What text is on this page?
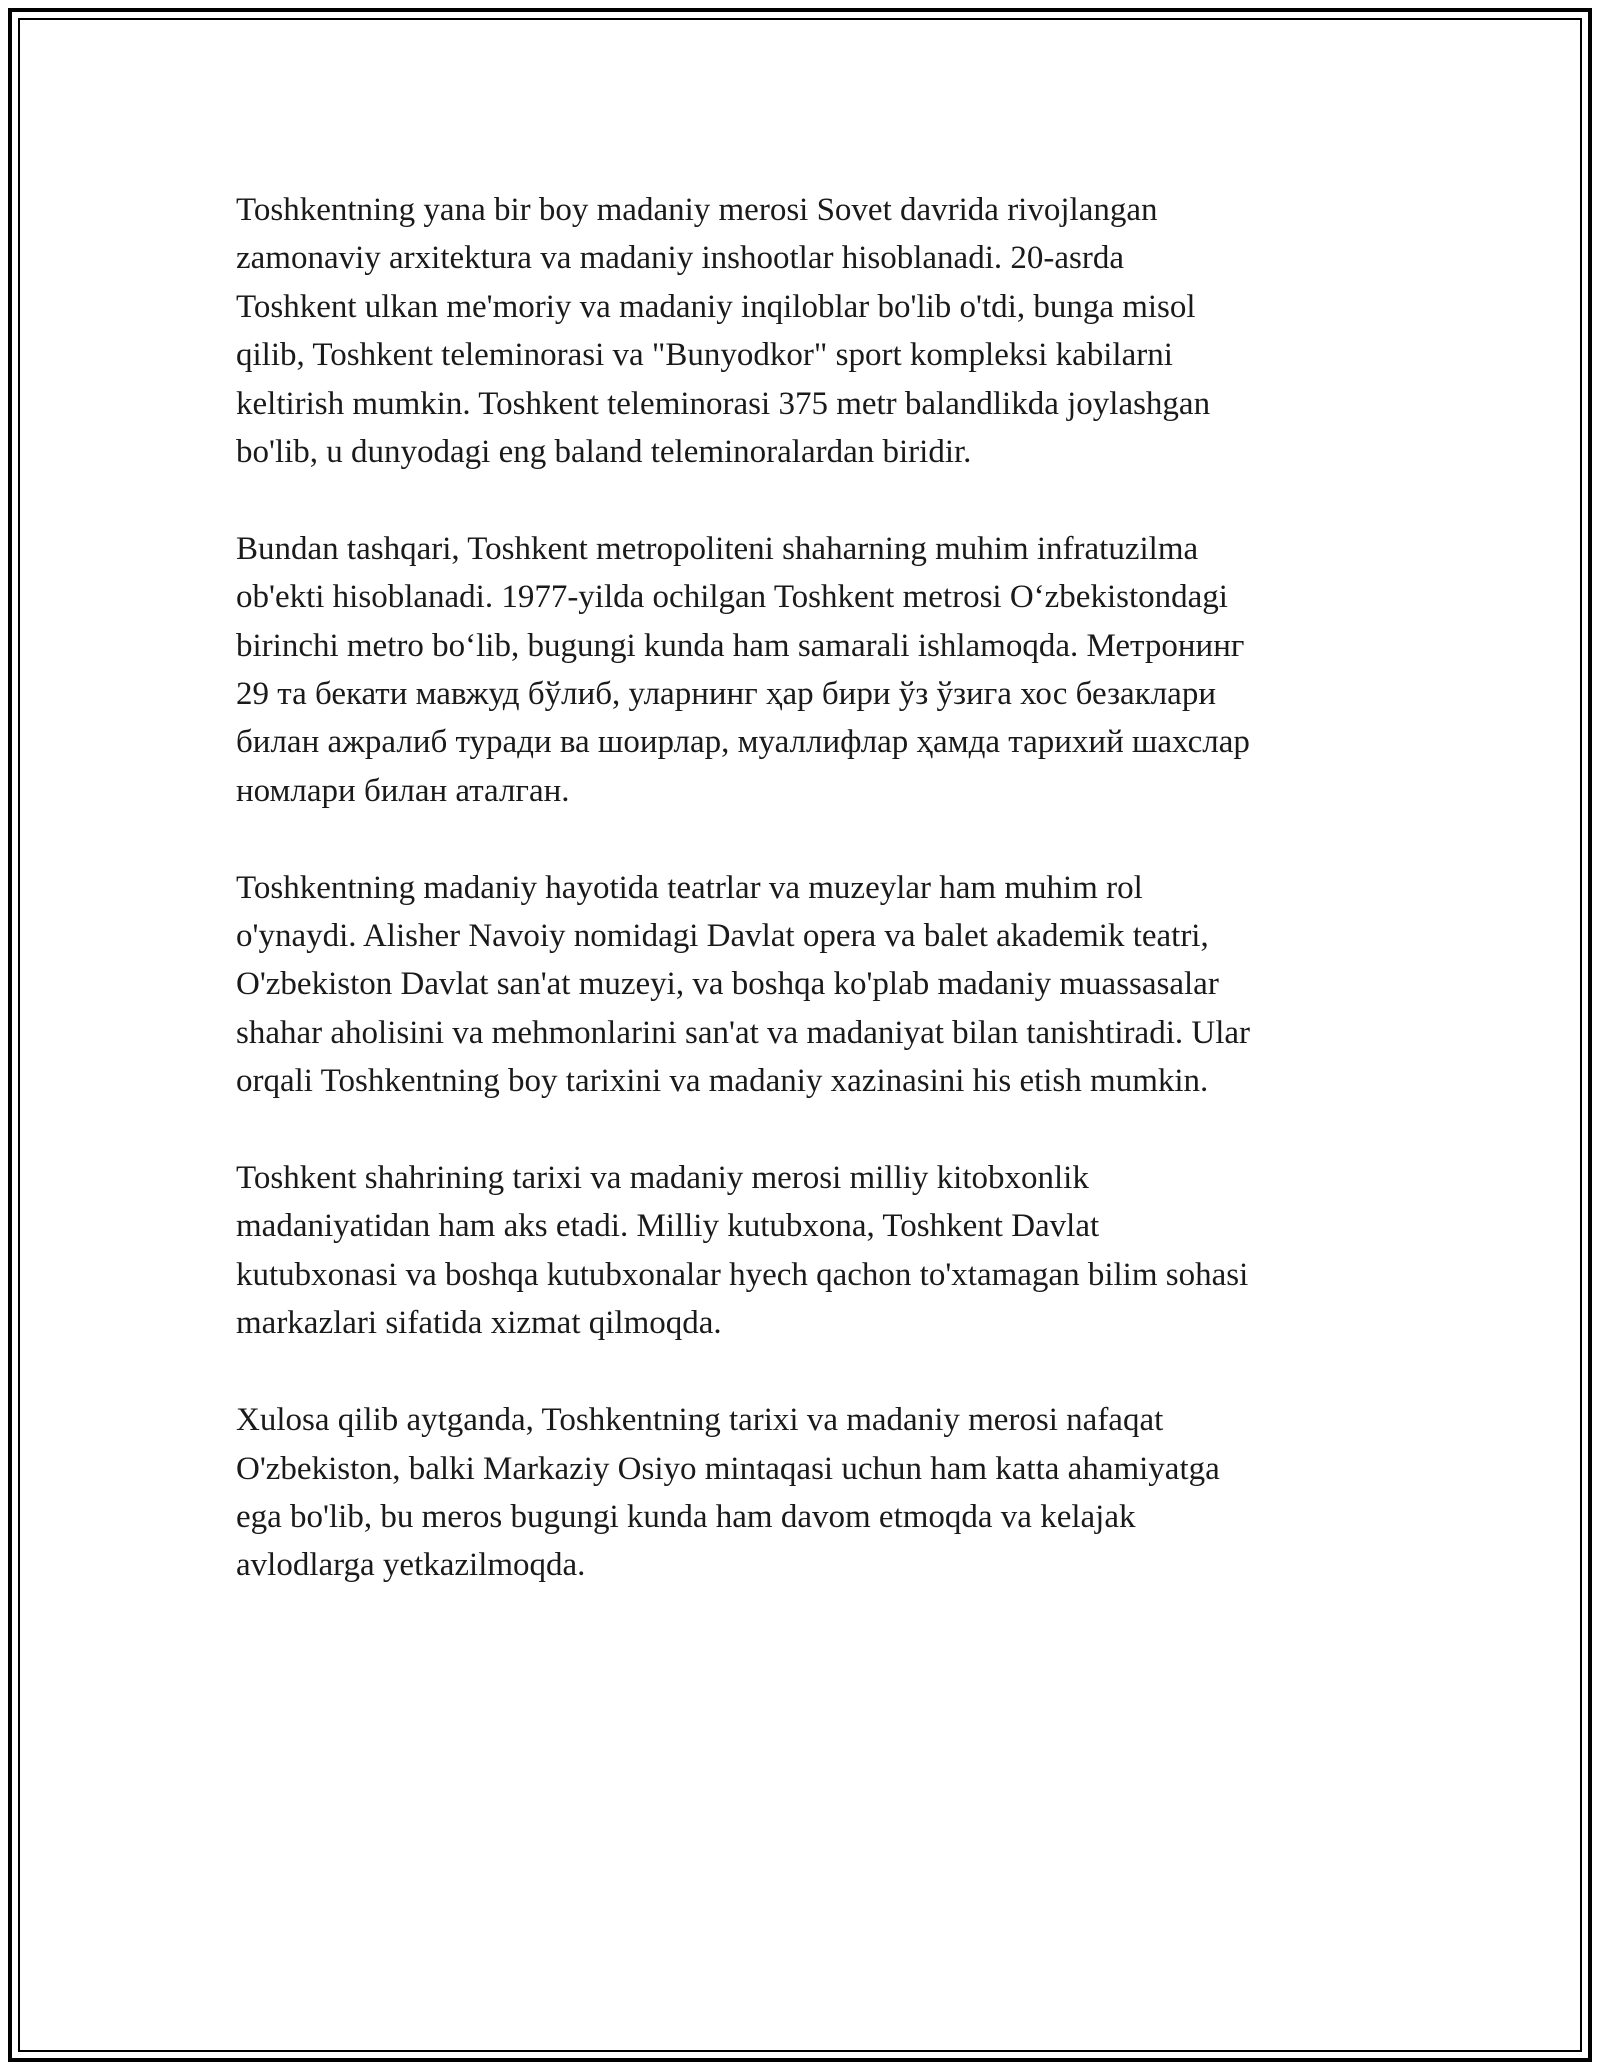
Toshkentning yana bir boy madaniy merosi Sovet davrida rivojlangan
zamonaviy arxitektura va madaniy inshootlar hisoblanadi. 20-asrda
Toshkent ulkan me'moriy va madaniy inqiloblar bo'lib o'tdi, bunga misol
qilib, Toshkent teleminorasi va "Bunyodkor" sport kompleksi kabilarni
keltirish mumkin. Toshkent teleminorasi 375 metr balandlikda joylashgan
bo'lib, u dunyodagi eng baland teleminoralardan biridir.

Bundan tashqari, Toshkent metropoliteni shaharning muhim infratuzilma
ob'ekti hisoblanadi. 1977-yilda ochilgan Toshkent metrosi O‘zbekistondagi
birinchi metro bo‘lib, bugungi kunda ham samarali ishlamoqda. Метронинг
29 та бекати мавжуд бўлиб, уларнинг ҳар бири ўз ўзига хос безаклари
билан ажралиб туради ва шоирлар, муаллифлар ҳамда тарихий шахслар
номлари билан аталган.

Toshkentning madaniy hayotida teatrlar va muzeylar ham muhim rol
o'ynaydi. Alisher Navoiy nomidagi Davlat opera va balet akademik teatri,
O'zbekiston Davlat san'at muzeyi, va boshqa ko'plab madaniy muassasalar
shahar aholisini va mehmonlarini san'at va madaniyat bilan tanishtiradi. Ular
orqali Toshkentning boy tarixini va madaniy xazinasini his etish mumkin.

Toshkent shahrining tarixi va madaniy merosi milliy kitobxonlik
madaniyatidan ham aks etadi. Milliy kutubxona, Toshkent Davlat
kutubxonasi va boshqa kutubxonalar hyech qachon to'xtamagan bilim sohasi
markazlari sifatida xizmat qilmoqda.

Xulosa qilib aytganda, Toshkentning tarixi va madaniy merosi nafaqat
O'zbekiston, balki Markaziy Osiyo mintaqasi uchun ham katta ahamiyatga
ega bo'lib, bu meros bugungi kunda ham davom etmoqda va kelajak
avlodlarga yetkazilmoqda.
